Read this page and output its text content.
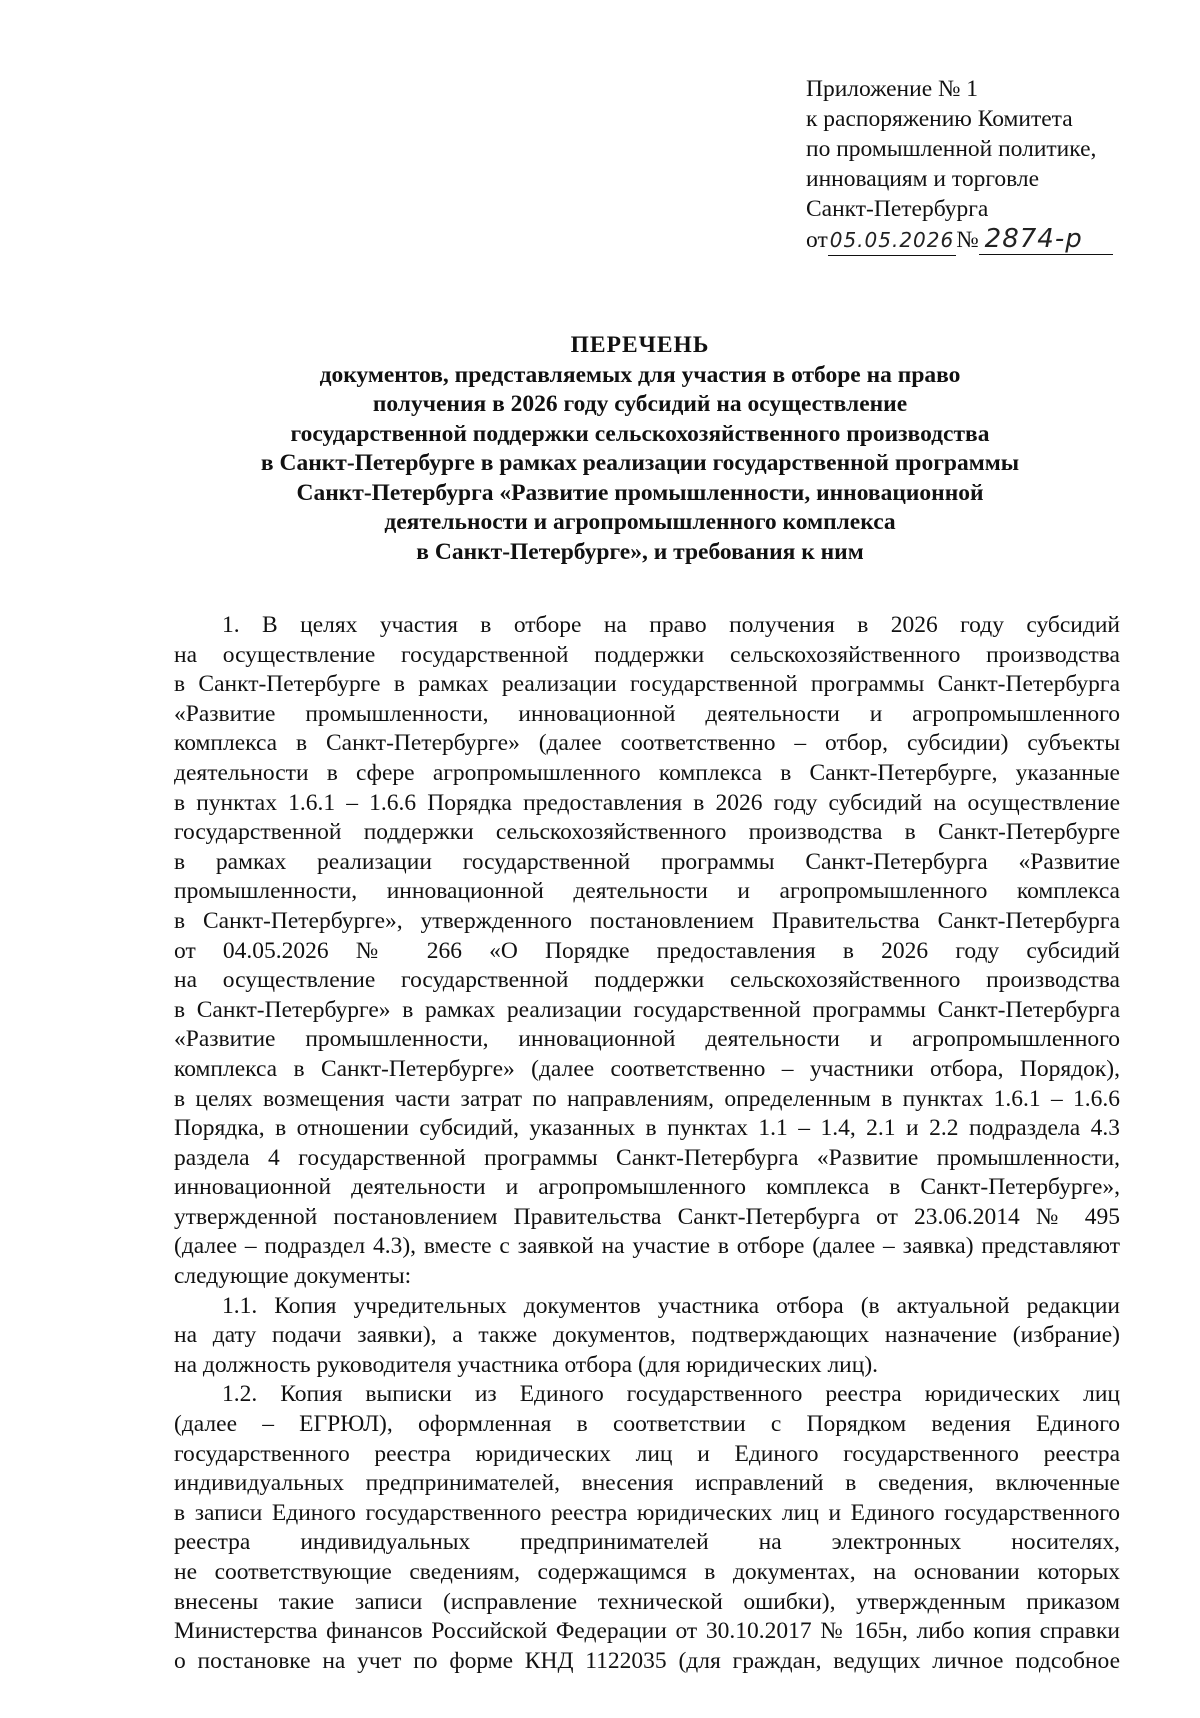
Приложение № 1
к распоряжению Комитета
по промышленной политике,
инновациям и торговле
Санкт-Петербурга
от 05.05.2026№ 2874-р
ПЕРЕЧЕНЬ
документов, представляемых для участия в отборе на право
получения в 2026 году субсидий на осуществление
государственной поддержки сельскохозяйственного производства
в Санкт-Петербурге в рамках реализации государственной программы
Санкт-Петербурга «Развитие промышленности, инновационной
деятельности и агропромышленного комплекса
в Санкт-Петербурге», и требования к ним
1. В целях участия в отборе на право получения в 2026 году субсидий
на осуществление государственной поддержки сельскохозяйственного производства
в Санкт-Петербурге в рамках реализации государственной программы Санкт-Петербурга
«Развитие промышленности, инновационной деятельности и агропромышленного
комплекса в Санкт-Петербурге» (далее соответственно – отбор, субсидии) субъекты
деятельности в сфере агропромышленного комплекса в Санкт-Петербурге, указанные
в пунктах 1.6.1 – 1.6.6 Порядка предоставления в 2026 году субсидий на осуществление
государственной поддержки сельскохозяйственного производства в Санкт-Петербурге
в рамках реализации государственной программы Санкт-Петербурга «Развитие
промышленности, инновационной деятельности и агропромышленного комплекса
в Санкт-Петербурге», утвержденного постановлением Правительства Санкт-Петербурга
от 04.05.2026 № 266 «О Порядке предоставления в 2026 году субсидий
на осуществление государственной поддержки сельскохозяйственного производства
в Санкт-Петербурге» в рамках реализации государственной программы Санкт-Петербурга
«Развитие промышленности, инновационной деятельности и агропромышленного
комплекса в Санкт-Петербурге» (далее соответственно – участники отбора, Порядок),
в целях возмещения части затрат по направлениям, определенным в пунктах 1.6.1 – 1.6.6
Порядка, в отношении субсидий, указанных в пунктах 1.1 – 1.4, 2.1 и 2.2 подраздела 4.3
раздела 4 государственной программы Санкт-Петербурга «Развитие промышленности,
инновационной деятельности и агропромышленного комплекса в Санкт-Петербурге»,
утвержденной постановлением Правительства Санкт-Петербурга от 23.06.2014 № 495
(далее – подраздел 4.3), вместе с заявкой на участие в отборе (далее – заявка) представляют
следующие документы:
1.1. Копия учредительных документов участника отбора (в актуальной редакции
на дату подачи заявки), а также документов, подтверждающих назначение (избрание)
на должность руководителя участника отбора (для юридических лиц).
1.2. Копия выписки из Единого государственного реестра юридических лиц
(далее – ЕГРЮЛ), оформленная в соответствии с Порядком ведения Единого
государственного реестра юридических лиц и Единого государственного реестра
индивидуальных предпринимателей, внесения исправлений в сведения, включенные
в записи Единого государственного реестра юридических лиц и Единого государственного
реестра индивидуальных предпринимателей на электронных носителях,
не соответствующие сведениям, содержащимся в документах, на основании которых
внесены такие записи (исправление технической ошибки), утвержденным приказом
Министерства финансов Российской Федерации от 30.10.2017 № 165н, либо копия справки
о постановке на учет по форме КНД 1122035 (для граждан, ведущих личное подсобное
